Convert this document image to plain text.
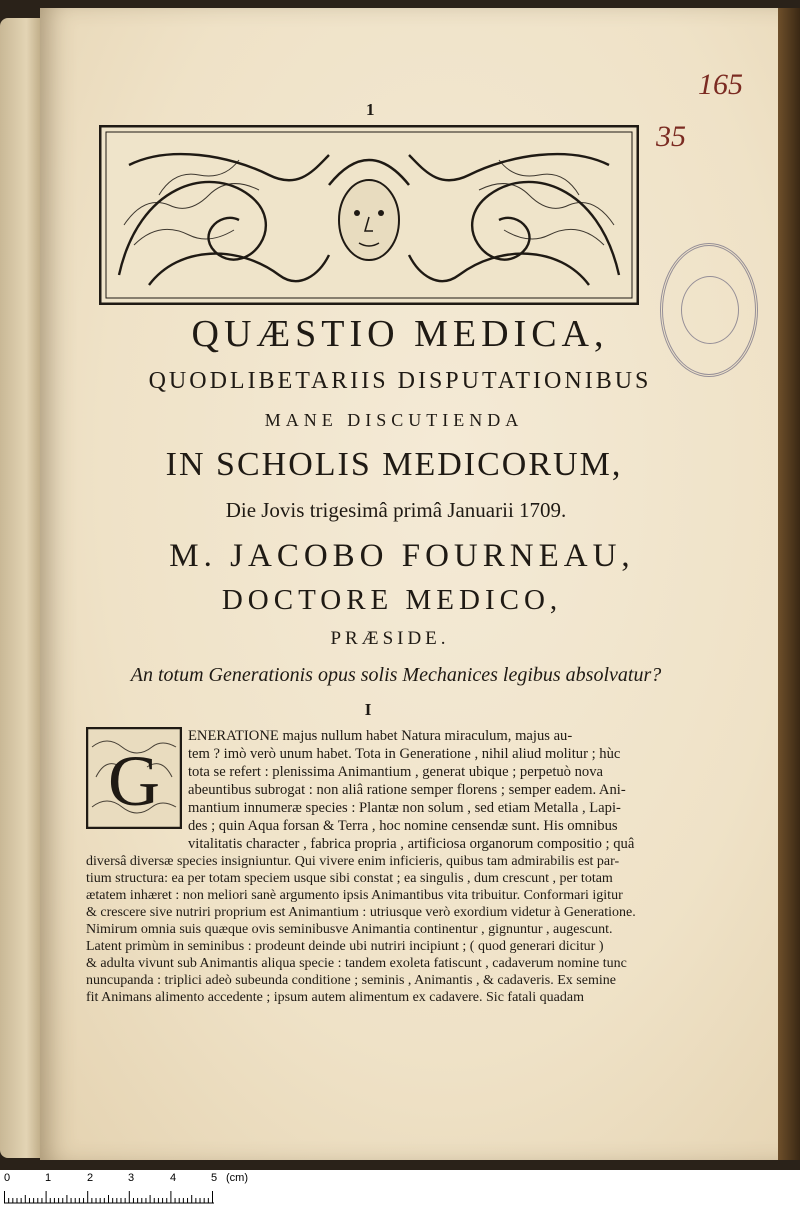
1
165
35
QUÆSTIO MEDICA,
QUODLIBETARIIS DISPUTATIONIBUS
MANE DISCUTIENDA
IN SCHOLIS MEDICORUM,
Die Jovis trigesimâ primâ Januarii 1709.
M. JACOBO FOURNEAU,
DOCTORE MEDICO,
PRÆSIDE.
An totum Generationis opus solis Mechanices legibus absolvatur?
I
G
ENERATIONE majus nullum habet Natura miraculum, majus au-
tem ? imò verò unum habet. Tota in Generatione , nihil aliud molitur ; hùc
tota se refert : plenissima Animantium , generat ubique ; perpetuò nova
abeuntibus subrogat : non aliâ ratione semper florens ; semper eadem. Ani-
mantium innumeræ species : Plantæ non solum , sed etiam Metalla , Lapi-
des ; quin Aqua forsan & Terra , hoc nomine censendæ sunt. His omnibus
vitalitatis character , fabrica propria , artificiosa organorum compositio ; quâ
diversâ diversæ species insigniuntur. Qui vivere enim inficieris, quibus tam admirabilis est par-
tium structura: ea per totam speciem usque sibi constat ; ea singulis , dum crescunt , per totam
ætatem inhæret : non meliori sanè argumento ipsis Animantibus vita tribuitur. Conformari igitur
& crescere sive nutriri proprium est Animantium : utriusque verò exordium videtur à Generatione.
Nimirum omnia suis quæque ovis seminibusve Animantia continentur , gignuntur , augescunt.
Latent primùm in seminibus : prodeunt deinde ubi nutriri incipiunt ; ( quod generari dicitur )
& adulta vivunt sub Animantis aliqua specie : tandem exoleta fatiscunt , cadaverum nomine tunc
nuncupanda : triplici adeò subeunda conditione ; seminis , Animantis , & cadaveris. Ex semine
fit Animans alimento accedente ; ipsum autem alimentum ex cadavere. Sic fatali quadam
0	1	2	3	4	5 (cm)
